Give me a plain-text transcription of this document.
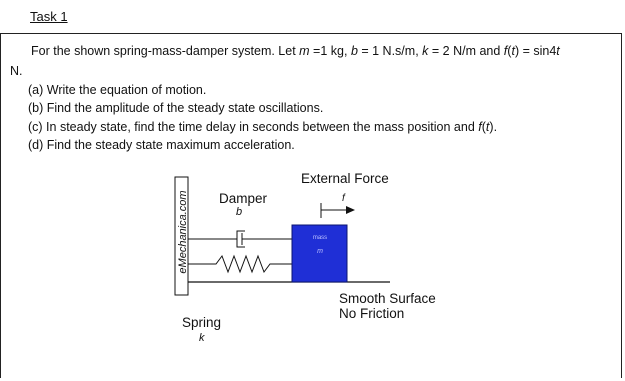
Task 1
For the shown spring-mass-damper system. Let m =1 kg, b = 1 N.s/m, k = 2 N/m and f(t) = sin4t
N.
(a) Write the equation of motion.
(b) Find the amplitude of the steady state oscillations.
(c) In steady state, find the time delay in seconds between the mass position and f(t).
(d) Find the steady state maximum acceleration.
External Force
f
Damper
b
Spring
k
Smooth Surface
No Friction
eMechanica.com	mass
m
